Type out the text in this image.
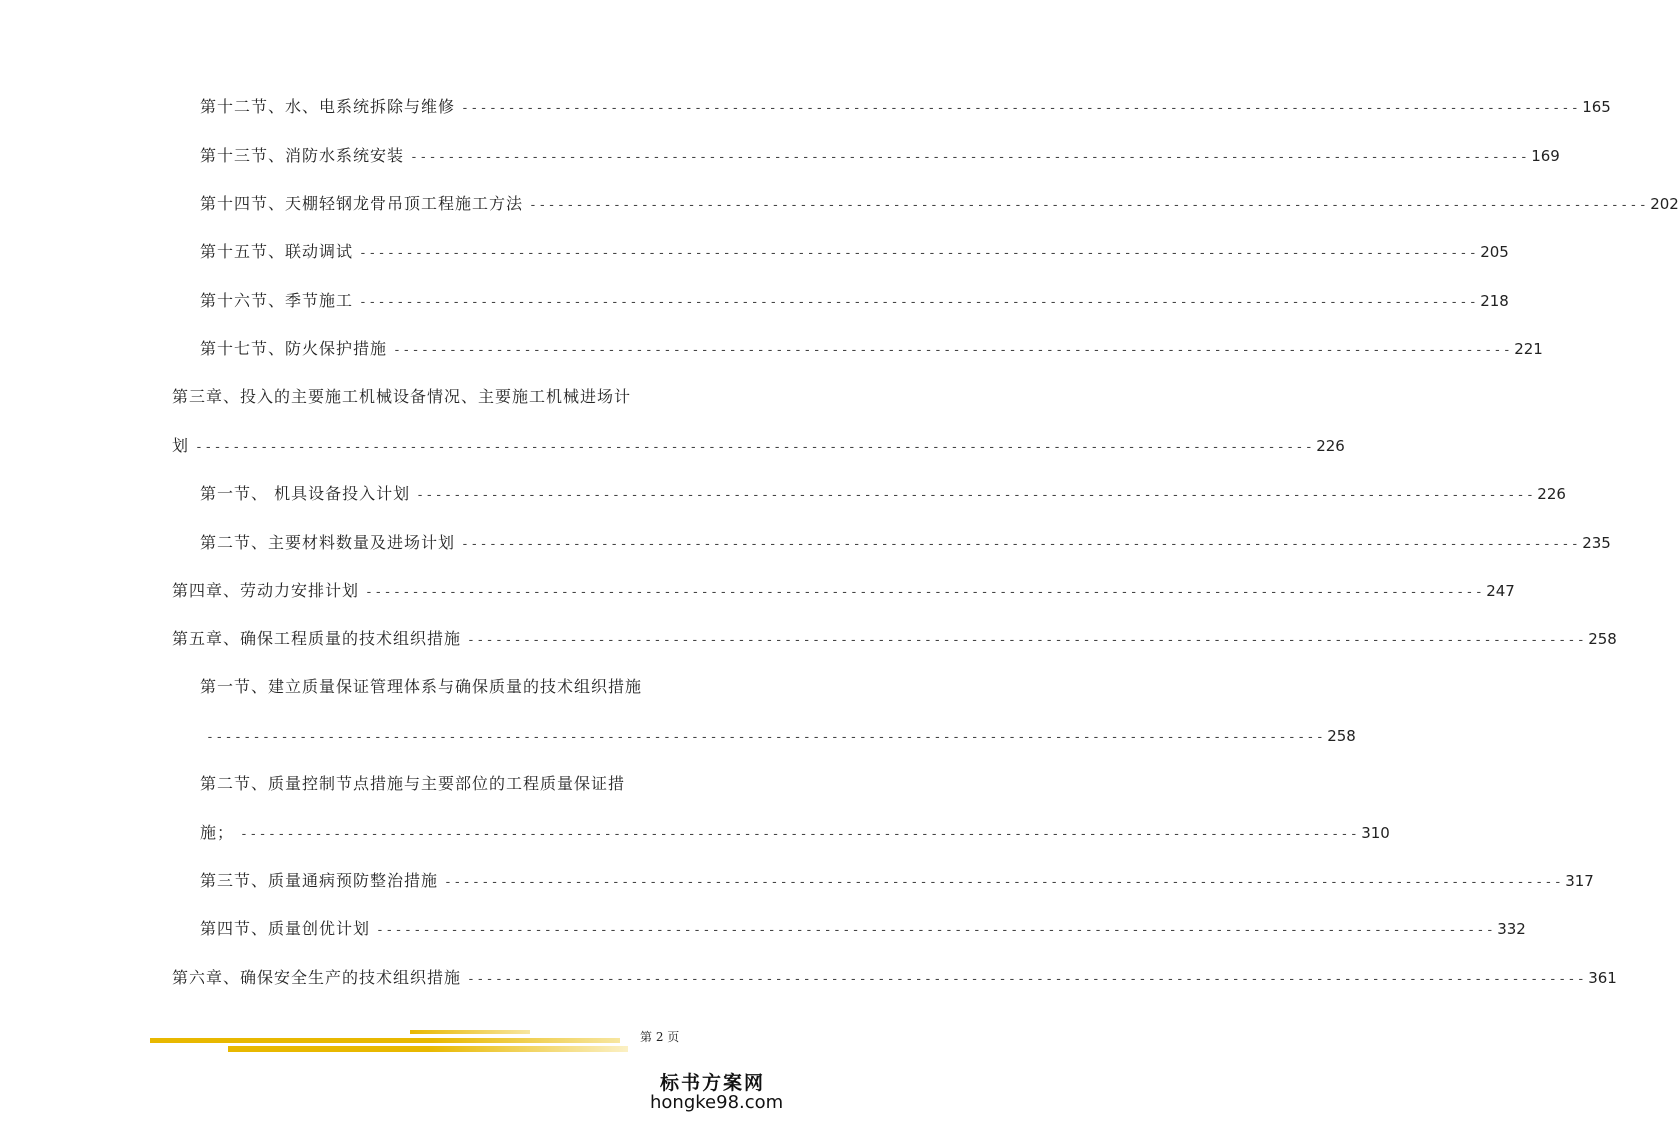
第十二节、水、电系统拆除与维修 ------------------------------------------------------------------------------------------------------------------------ 165
第十三节、消防水系统安装 ------------------------------------------------------------------------------------------------------------------------ 169
第十四节、天棚轻钢龙骨吊顶工程施工方法 ------------------------------------------------------------------------------------------------------------------------ 202
第十五节、联动调试 ------------------------------------------------------------------------------------------------------------------------ 205
第十六节、季节施工 ------------------------------------------------------------------------------------------------------------------------ 218
第十七节、防火保护措施 ------------------------------------------------------------------------------------------------------------------------ 221
第三章、投入的主要施工机械设备情况、主要施工机械进场计
划 ------------------------------------------------------------------------------------------------------------------------ 226
第一节、 机具设备投入计划 ------------------------------------------------------------------------------------------------------------------------ 226
第二节、主要材料数量及进场计划 ------------------------------------------------------------------------------------------------------------------------ 235
第四章、劳动力安排计划 ------------------------------------------------------------------------------------------------------------------------ 247
第五章、确保工程质量的技术组织措施 ------------------------------------------------------------------------------------------------------------------------ 258
第一节、建立质量保证管理体系与确保质量的技术组织措施
------------------------------------------------------------------------------------------------------------------------ 258
第二节、质量控制节点措施与主要部位的工程质量保证措
施； ------------------------------------------------------------------------------------------------------------------------ 310
第三节、质量通病预防整治措施 ------------------------------------------------------------------------------------------------------------------------ 317
第四节、质量创优计划 ------------------------------------------------------------------------------------------------------------------------ 332
第六章、确保安全生产的技术组织措施 ------------------------------------------------------------------------------------------------------------------------ 361
第 2 页
标书方案网
hongke98.com
